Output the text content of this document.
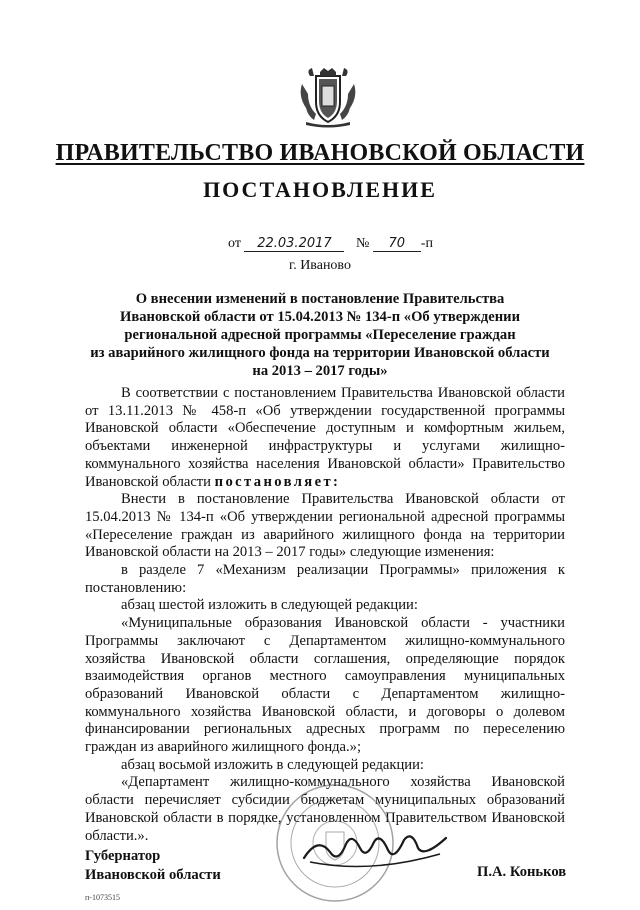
ПРАВИТЕЛЬСТВО ИВАНОВСКОЙ ОБЛАСТИ
ПОСТАНОВЛЕНИЕ
от 22.03.2017 № 70 -п
г. Иваново
О внесении изменений в постановление Правительства
Ивановской области от 15.04.2013 № 134-п «Об утверждении
региональной адресной программы «Переселение граждан
из аварийного жилищного фонда на территории Ивановской области
на 2013 – 2017 годы»

В соответствии с постановлением Правительства Ивановской области от 13.11.2013 № 458-п «Об утверждении государственной программы Ивановской области «Обеспечение доступным и комфортным жильем, объектами инженерной инфраструктуры и услугами жилищно-коммунального хозяйства населения Ивановской области» Правительство Ивановской области постановляет:

Внести в постановление Правительства Ивановской области от 15.04.2013 № 134-п «Об утверждении региональной адресной программы «Переселение граждан из аварийного жилищного фонда на территории Ивановской области на 2013 – 2017 годы» следующие изменения:

в разделе 7 «Механизм реализации Программы» приложения к постановлению:

абзац шестой изложить в следующей редакции:

«Муниципальные образования Ивановской области - участники Программы заключают с Департаментом жилищно-коммунального хозяйства Ивановской области соглашения, определяющие порядок взаимодействия органов местного самоуправления муниципальных образований Ивановской области с Департаментом жилищно-коммунального хозяйства Ивановской области, и договоры о долевом финансировании региональных адресных программ по переселению граждан из аварийного жилищного фонда.»;

абзац восьмой изложить в следующей редакции:

«Департамент жилищно-коммунального хозяйства Ивановской области перечисляет субсидии бюджетам муниципальных образований Ивановской области в порядке, установленном Правительством Ивановской области.».

Губернатор
Ивановской области	П.А. Коньков
п-1073515
